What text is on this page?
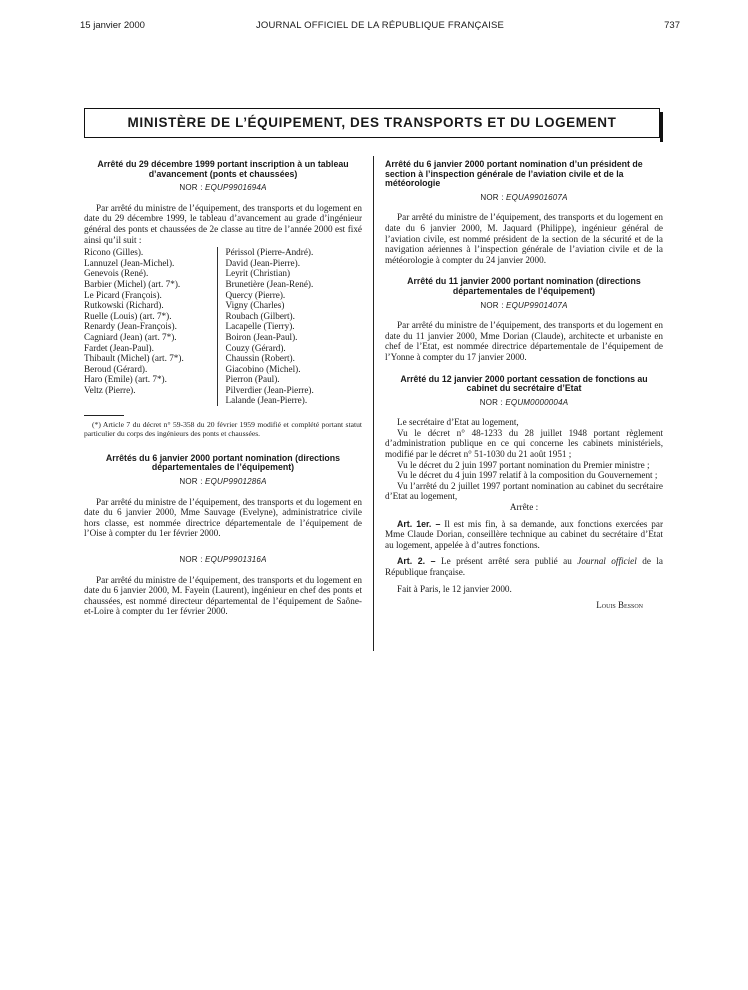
15 janvier 2000	JOURNAL OFFICIEL DE LA RÉPUBLIQUE FRANÇAISE	737
MINISTÈRE DE L’ÉQUIPEMENT, DES TRANSPORTS ET DU LOGEMENT
Arrêté du 29 décembre 1999 portant inscription à un tableau d’avancement (ponts et chaussées)
NOR : EQUP9901694A

Par arrêté du ministre de l’équipement, des transports et du logement en date du 29 décembre 1999, le tableau d’avancement au grade d’ingénieur général des ponts et chaussées de 2e classe au titre de l’année 2000 est fixé ainsi qu’il suit :

Ricono (Gilles).
Lannuzel (Jean-Michel).
Genevois (René).
Barbier (Michel) (art. 7*).
Le Picard (François).
Rutkowski (Richard).
Ruelle (Louis) (art. 7*).
Renardy (Jean-François).
Cagniard (Jean) (art. 7*).
Fardet (Jean-Paul).
Thibault (Michel) (art. 7*).
Beroud (Gérard).
Haro (Emile) (art. 7*).
Veltz (Pierre).
Périssol (Pierre-André).
David (Jean-Pierre).
Leyrit (Christian)
Brunetière (Jean-René).
Quercy (Pierre).
Vigny (Charles)
Roubach (Gilbert).
Lacapelle (Tierry).
Boiron (Jean-Paul).
Couzy (Gérard).
Chaussin (Robert).
Giacobino (Michel).
Pierron (Paul).
Pilverdier (Jean-Pierre).
Lalande (Jean-Pierre).
(*) Article 7 du décret n° 59-358 du 20 février 1959 modifié et complété portant statut particulier du corps des ingénieurs des ponts et chaussées.
Arrêtés du 6 janvier 2000 portant nomination (directions départementales de l’équipement)
NOR : EQUP9901286A

Par arrêté du ministre de l’équipement, des transports et du logement en date du 6 janvier 2000, Mme Sauvage (Evelyne), administratrice civile hors classe, est nommée directrice départementale de l’équipement de l’Oise à compter du 1er février 2000.

NOR : EQUP9901316A

Par arrêté du ministre de l’équipement, des transports et du logement en date du 6 janvier 2000, M. Fayein (Laurent), ingénieur en chef des ponts et chaussées, est nommé directeur départemental de l’équipement de Saône-et-Loire à compter du 1er février 2000.

Arrêté du 6 janvier 2000 portant nomination d’un président de section à l’inspection générale de l’aviation civile et de la météorologie
NOR : EQUA9901607A

Par arrêté du ministre de l’équipement, des transports et du logement en date du 6 janvier 2000, M. Jaquard (Philippe), ingénieur général de l’aviation civile, est nommé président de la section de la sécurité et de la navigation aériennes à l’inspection générale de l’aviation civile et de la météorologie à compter du 24 janvier 2000.

Arrêté du 11 janvier 2000 portant nomination (directions départementales de l’équipement)
NOR : EQUP9901407A

Par arrêté du ministre de l’équipement, des transports et du logement en date du 11 janvier 2000, Mme Dorian (Claude), architecte et urbaniste en chef de l’Etat, est nommée directrice départementale de l’équipement de l’Yonne à compter du 17 janvier 2000.

Arrêté du 12 janvier 2000 portant cessation de fonctions au cabinet du secrétaire d’Etat
NOR : EQUM0000004A

Le secrétaire d’Etat au logement,

Vu le décret n° 48-1233 du 28 juillet 1948 portant règlement d’administration publique en ce qui concerne les cabinets ministériels, modifié par le décret n° 51-1030 du 21 août 1951 ;

Vu le décret du 2 juin 1997 portant nomination du Premier ministre ;

Vu le décret du 4 juin 1997 relatif à la composition du Gouvernement ;

Vu l’arrêté du 2 juillet 1997 portant nomination au cabinet du secrétaire d’Etat au logement,

Arrête :

Art. 1er. – Il est mis fin, à sa demande, aux fonctions exercées par Mme Claude Dorian, conseillère technique au cabinet du secrétaire d’Etat au logement, appelée à d’autres fonctions.

Art. 2. – Le présent arrêté sera publié au Journal officiel de la République française.

Fait à Paris, le 12 janvier 2000.

Louis Besson
